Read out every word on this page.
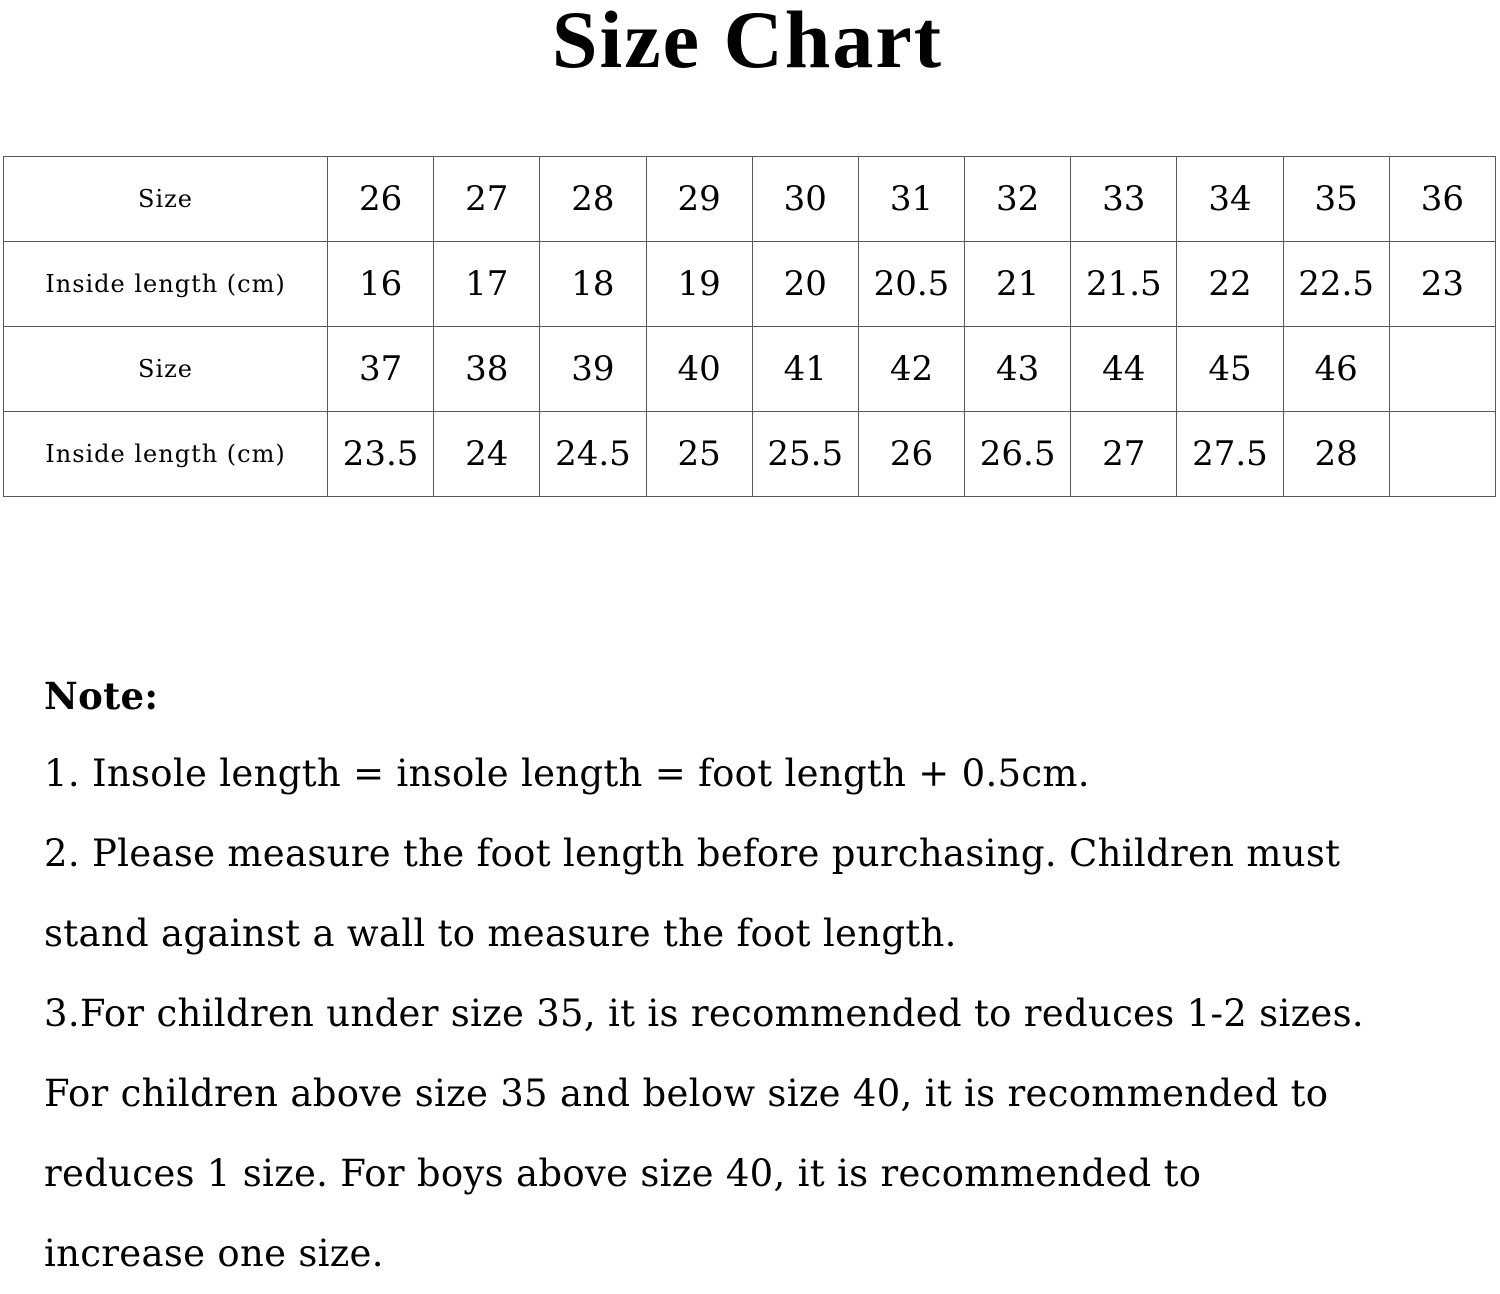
Size Chart
Size	26	27	28	29	30	31	32	33	34	35	36
Inside length (cm)	16	17	18	19	20	20.5	21	21.5	22	22.5	23
Size	37	38	39	40	41	42	43	44	45	46	
Inside length (cm)	23.5	24	24.5	25	25.5	26	26.5	27	27.5	28	

Note:

1. Insole length = insole length = foot length + 0.5cm.

2. Please measure the foot length before purchasing. Children must

stand against a wall to measure the foot length.

3.For children under size 35, it is recommended to reduces 1-2 sizes.

For children above size 35 and below size 40, it is recommended to

reduces 1 size. For boys above size 40, it is recommended to

increase one size.
